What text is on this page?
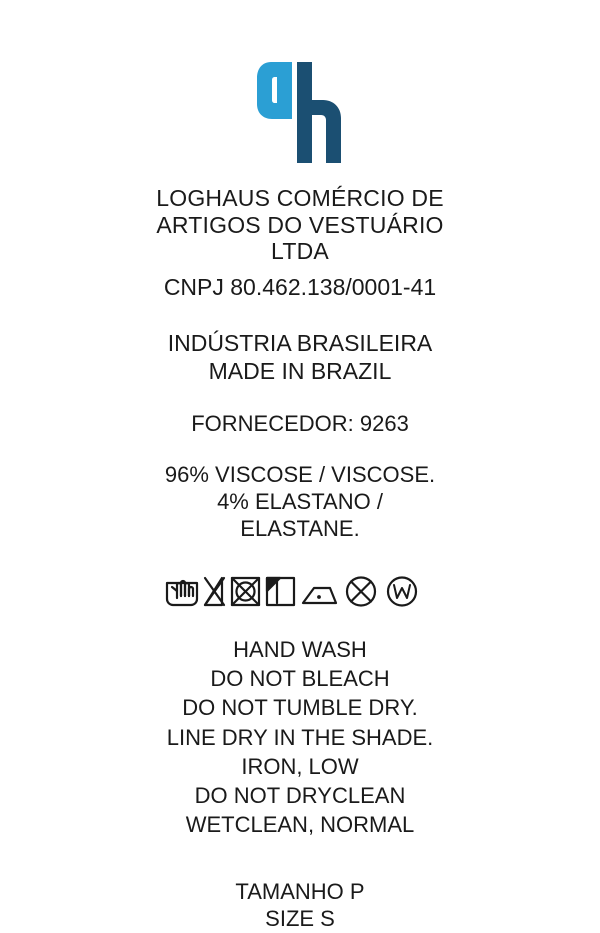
LOGHAUS COMÉRCIO DE
ARTIGOS DO VESTUÁRIO
LTDA
CNPJ 80.462.138/0001-41
INDÚSTRIA BRASILEIRA
MADE IN BRAZIL
FORNECEDOR: 9263
96% VISCOSE / VISCOSE.
4% ELASTANO /
ELASTANE.
HAND WASH
DO NOT BLEACH
DO NOT TUMBLE DRY.
LINE DRY IN THE SHADE.
IRON, LOW
DO NOT DRYCLEAN
WETCLEAN, NORMAL
TAMANHO P
SIZE S
